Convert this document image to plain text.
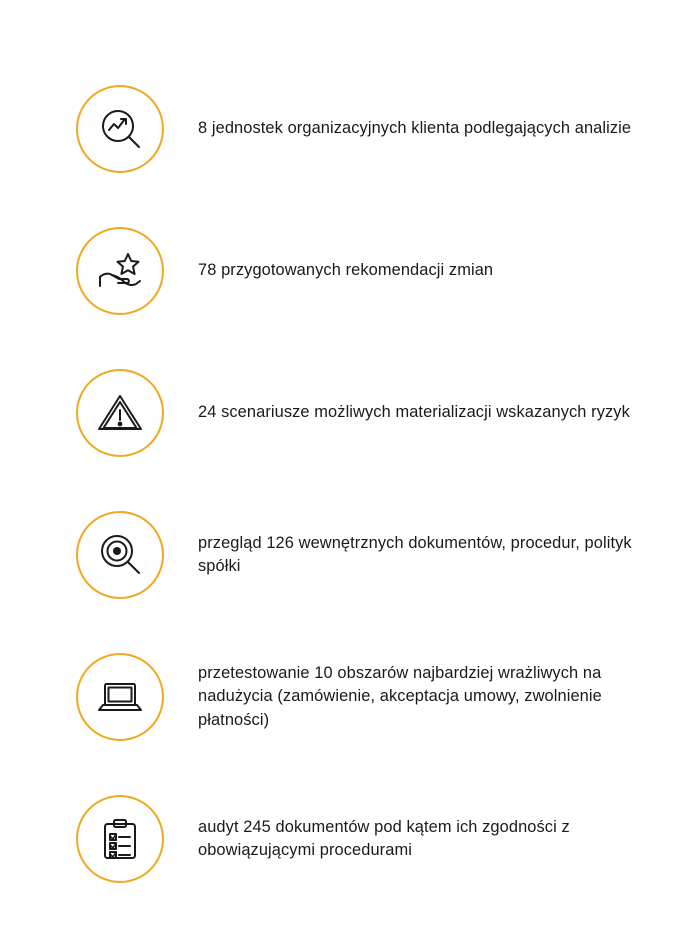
8 jednostek organizacyjnych klienta podlegających analizie
78 przygotowanych rekomendacji zmian
24 scenariusze możliwych materializacji wskazanych ryzyk
przegląd 126 wewnętrznych dokumentów, procedur, polityk spółki
przetestowanie 10 obszarów najbardziej wrażliwych na nadużycia (zamówienie, akceptacja umowy, zwolnienie płatności)
audyt 245 dokumentów pod kątem ich zgodności z obowiązującymi procedurami
